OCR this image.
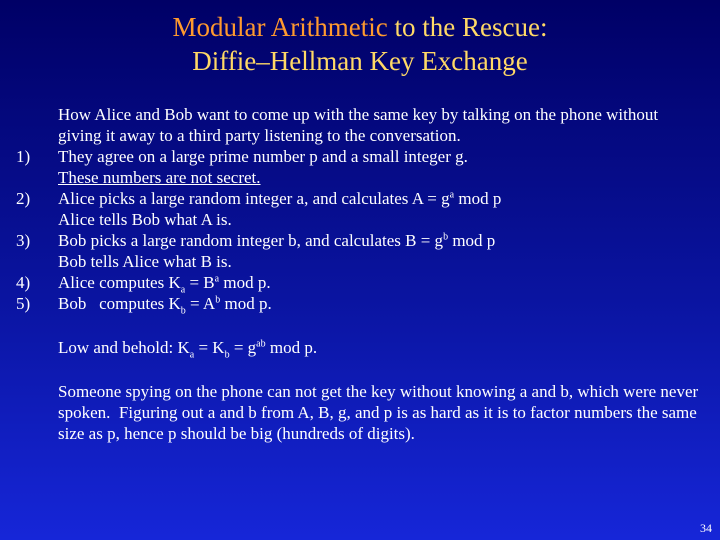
Modular Arithmetic to the Rescue:
Diffie–Hellman Key Exchange
How Alice and Bob want to come up with the same key by talking on the phone without giving it away to a third party listening to the conversation.
1)	They agree on a large prime number p and a small integer g.
These numbers are not secret.
2)	Alice picks a large random integer a, and calculates $A = g^a$ mod p
Alice tells Bob what A is.
3)	Bob picks a large random integer b, and calculates $B = g^b$ mod p
Bob tells Alice what B is.
4)	Alice computes $K_a = B^a$ mod p.
5)	Bob   computes $K_b = A^b$ mod p.
Low and behold: $K_a = K_b = g^{ab}$ mod p.
Someone spying on the phone can not get the key without knowing a and b, which were never spoken.  Figuring out a and b from A, B, g, and p is as hard as it is to factor numbers the same size as p, hence p should be big (hundreds of digits).
34
